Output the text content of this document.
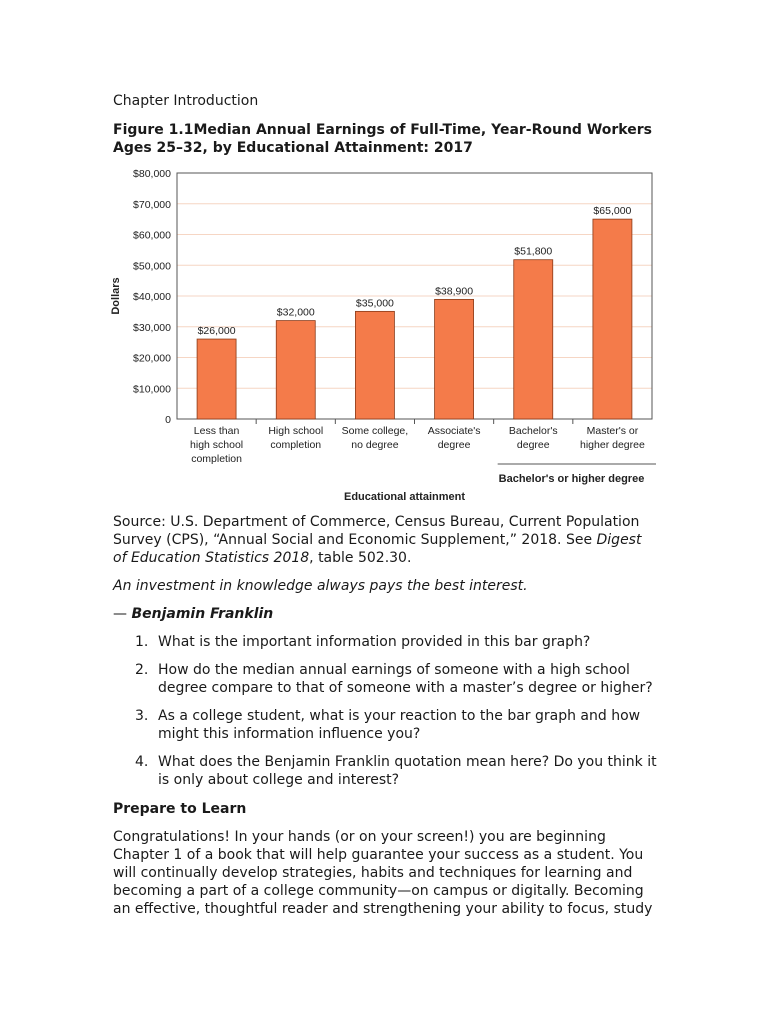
Chapter Introduction
Figure 1.1Median Annual Earnings of Full-Time, Year-Round Workers Ages 25–32, by Educational Attainment: 2017
0
$10,000
$20,000
$30,000
$40,000
$50,000
$60,000
$70,000
$80,000
$26,000
Less than
high school
completion
$32,000
High school
completion
$35,000
Some college,
no degree
$38,900
Associate's
degree
$51,800
Bachelor's
degree
$65,000
Master's or
higher degree
Dollars
Bachelor's or higher degree
Educational attainment
Source: U.S. Department of Commerce, Census Bureau, Current Population Survey (CPS), “Annual Social and Economic Supplement,” 2018. See Digest of Education Statistics 2018, table 502.30.
An investment in knowledge always pays the best interest.
— Benjamin Franklin
1. What is the important information provided in this bar graph?
2. How do the median annual earnings of someone with a high school degree compare to that of someone with a master’s degree or higher?
3. As a college student, what is your reaction to the bar graph and how might this information influence you?
4. What does the Benjamin Franklin quotation mean here? Do you think it is only about college and interest?
Prepare to Learn
Congratulations! In your hands (or on your screen!) you are beginning Chapter 1 of a book that will help guarantee your success as a student. You will continually develop strategies, habits and techniques for learning and becoming a part of a college community—on campus or digitally. Becoming an effective, thoughtful reader and strengthening your ability to focus, study
